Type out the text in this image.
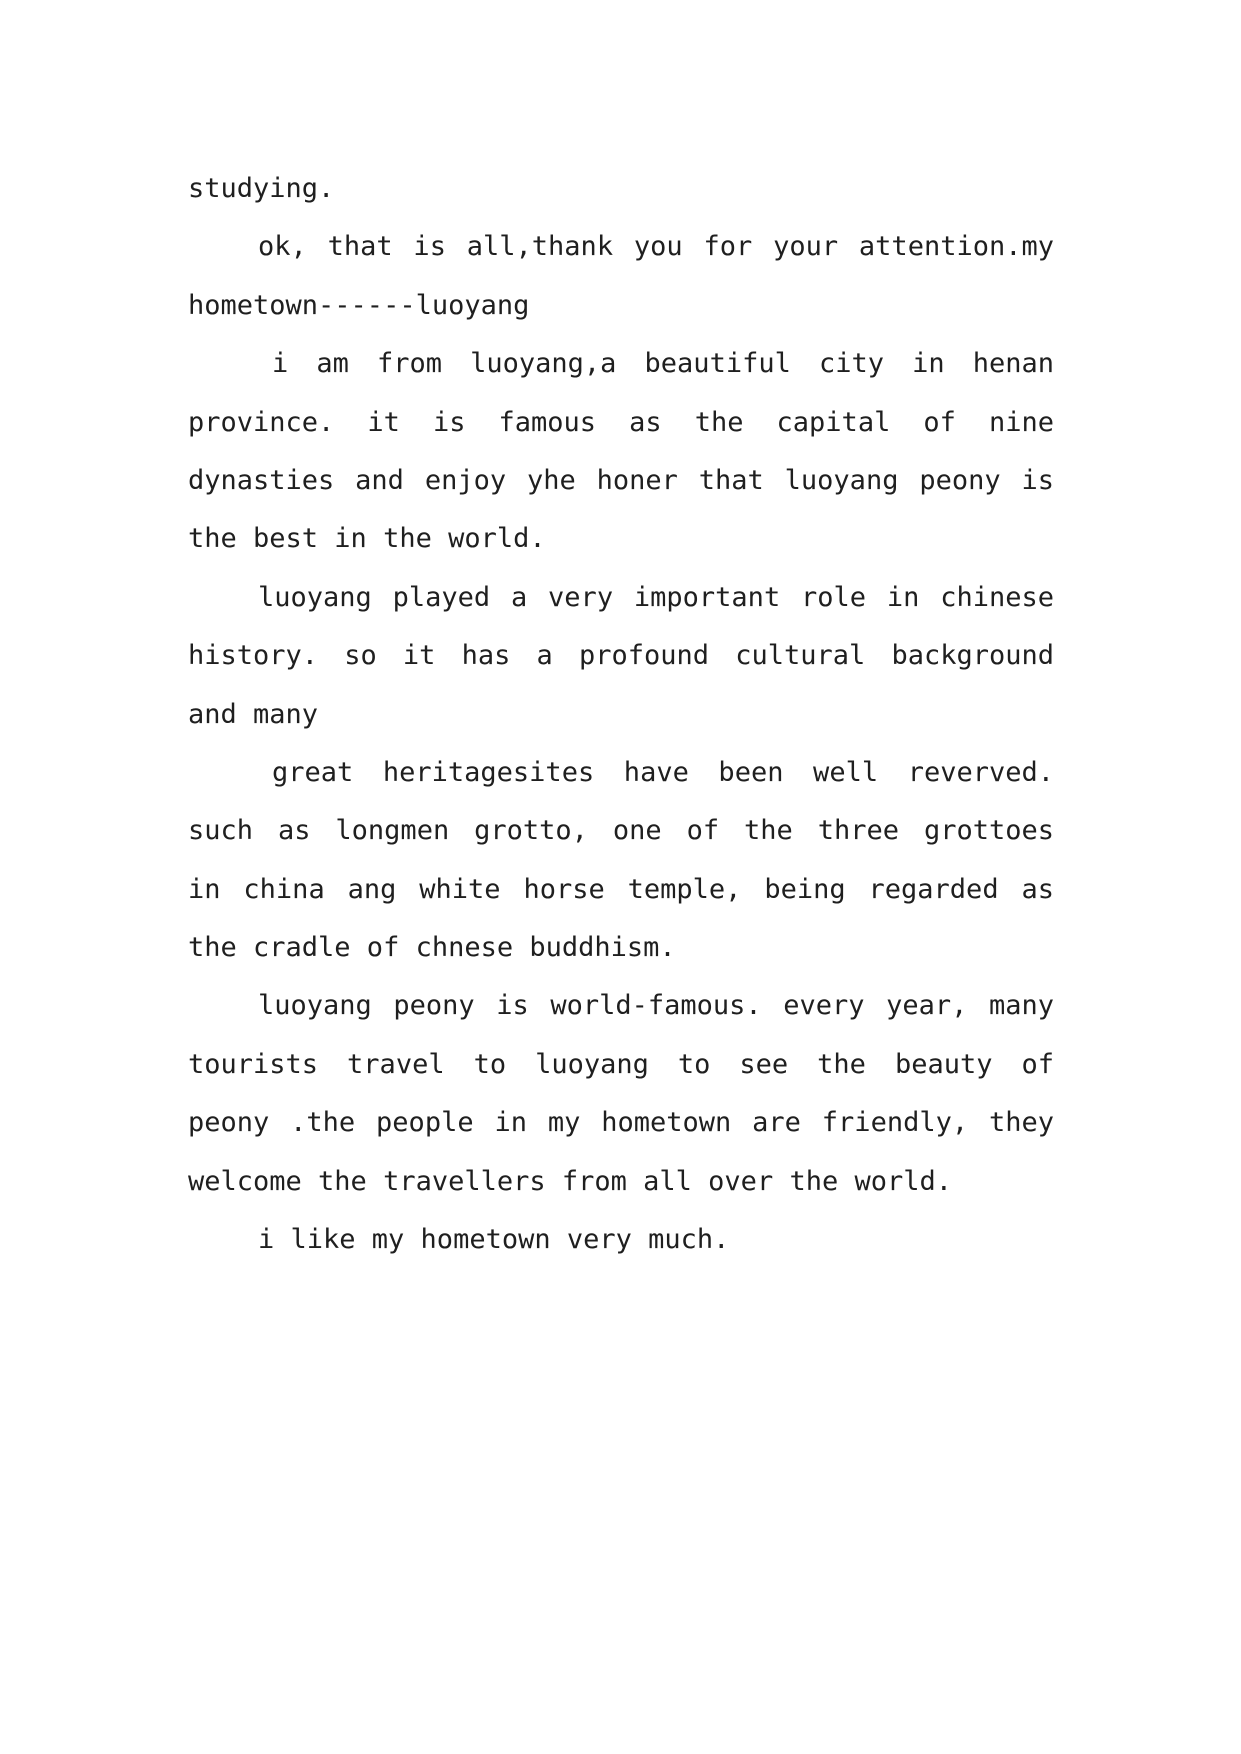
studying.
ok, that is all,thank you for your attention.my
hometown------luoyang
i am from luoyang,a beautiful city in henan
province. it is famous as the capital of nine
dynasties and enjoy yhe honer that luoyang peony is
the best in the world.
luoyang played a very important role in chinese
history. so it has a profound cultural background
and many
great heritagesites have been well reverved.
such as longmen grotto, one of the three grottoes
in china ang white horse temple, being regarded as
the cradle of chnese buddhism.
luoyang peony is world-famous. every year, many
tourists travel to luoyang to see the beauty of
peony .the people in my hometown are friendly, they
welcome the travellers from all over the world.
i like my hometown very much.
